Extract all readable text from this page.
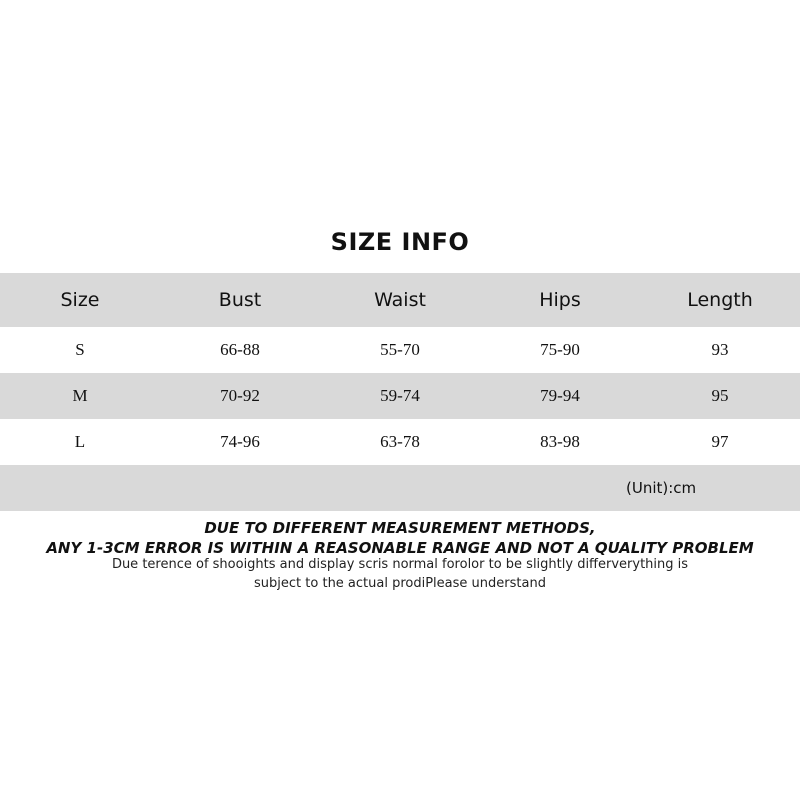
SIZE INFO
Size	Bust	Waist	Hips	Length
S	66-88	55-70	75-90	93
M	70-92	59-74	79-94	95
L	74-96	63-78	83-98	97
(Unit):cm
DUE TO DIFFERENT MEASUREMENT METHODS,
ANY 1-3CM ERROR IS WITHIN A REASONABLE RANGE AND NOT A QUALITY PROBLEM
Due terence of shooights and display scris normal forolor to be slightly differverything is
subject to the actual prodiPlease understand
